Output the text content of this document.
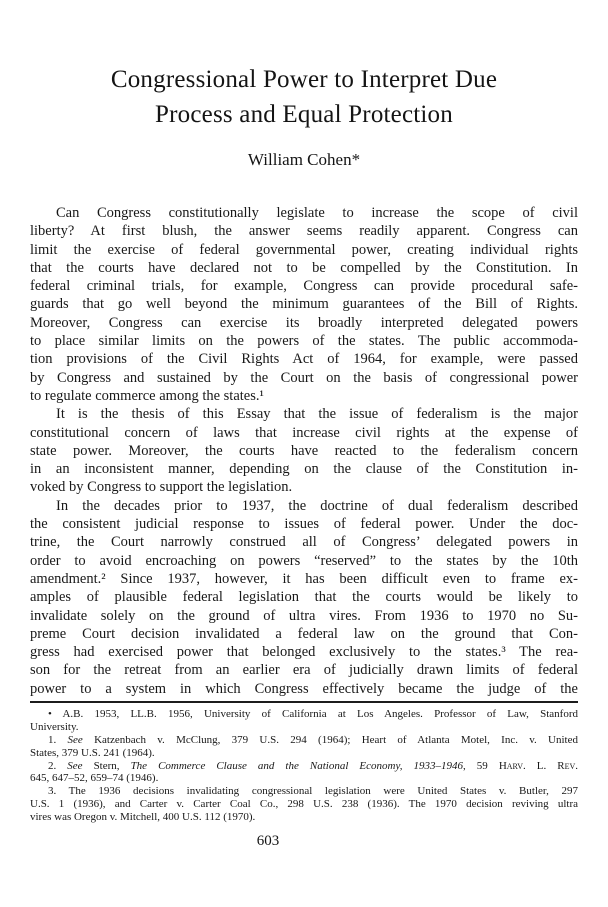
Congressional Power to Interpret Due
Process and Equal Protection
William Cohen*
Can Congress constitutionally legislate to increase the scope of civil
liberty? At first blush, the answer seems readily apparent. Congress can
limit the exercise of federal governmental power, creating individual rights
that the courts have declared not to be compelled by the Constitution. In
federal criminal trials, for example, Congress can provide procedural safe-
guards that go well beyond the minimum guarantees of the Bill of Rights.
Moreover, Congress can exercise its broadly interpreted delegated powers
to place similar limits on the powers of the states. The public accommoda-
tion provisions of the Civil Rights Act of 1964, for example, were passed
by Congress and sustained by the Court on the basis of congressional power
to regulate commerce among the states.¹
It is the thesis of this Essay that the issue of federalism is the major
constitutional concern of laws that increase civil rights at the expense of
state power. Moreover, the courts have reacted to the federalism concern
in an inconsistent manner, depending on the clause of the Constitution in-
voked by Congress to support the legislation.
In the decades prior to 1937, the doctrine of dual federalism described
the consistent judicial response to issues of federal power. Under the doc-
trine, the Court narrowly construed all of Congress’ delegated powers in
order to avoid encroaching on powers “reserved” to the states by the 10th
amendment.² Since 1937, however, it has been difficult even to frame ex-
amples of plausible federal legislation that the courts would be likely to
invalidate solely on the ground of ultra vires. From 1936 to 1970 no Su-
preme Court decision invalidated a federal law on the ground that Con-
gress had exercised power that belonged exclusively to the states.³ The rea-
son for the retreat from an earlier era of judicially drawn limits of federal
power to a system in which Congress effectively became the judge of the
• A.B. 1953, LL.B. 1956, University of California at Los Angeles. Professor of Law, Stanford
University.
1. See Katzenbach v. McClung, 379 U.S. 294 (1964); Heart of Atlanta Motel, Inc. v. United
States, 379 U.S. 241 (1964).
2. See Stern, The Commerce Clause and the National Economy, 1933–1946, 59 Harv. L. Rev.
645, 647–52, 659–74 (1946).
3. The 1936 decisions invalidating congressional legislation were United States v. Butler, 297
U.S. 1 (1936), and Carter v. Carter Coal Co., 298 U.S. 238 (1936). The 1970 decision reviving ultra
vires was Oregon v. Mitchell, 400 U.S. 112 (1970).
603
